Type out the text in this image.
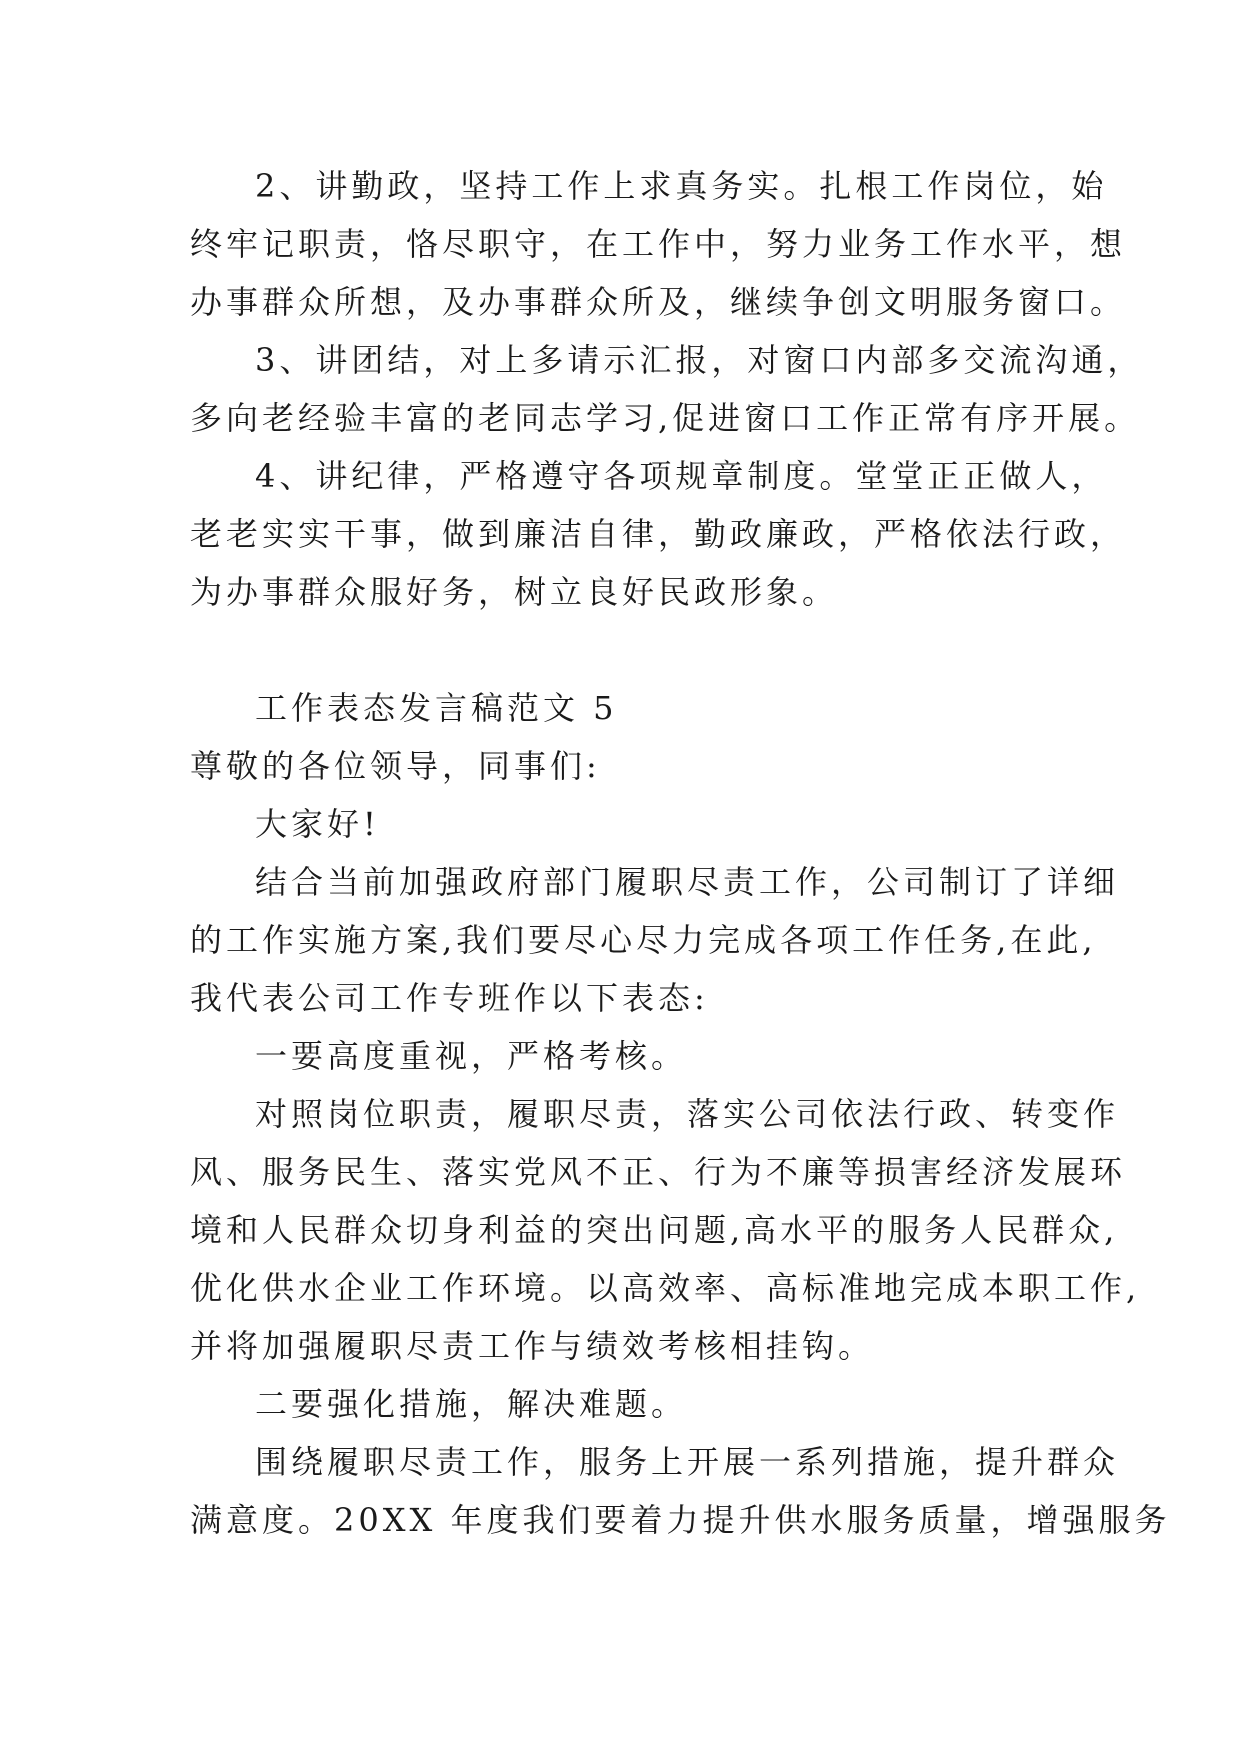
2、讲勤政，坚持工作上求真务实。扎根工作岗位，始
终牢记职责，恪尽职守，在工作中，努力业务工作水平，想
办事群众所想，及办事群众所及，继续争创文明服务窗口。
3、讲团结，对上多请示汇报，对窗口内部多交流沟通，
多向老经验丰富的老同志学习,促进窗口工作正常有序开展。
4、讲纪律，严格遵守各项规章制度。堂堂正正做人，
老老实实干事，做到廉洁自律，勤政廉政，严格依法行政，
为办事群众服好务，树立良好民政形象。
工作表态发言稿范文 5
尊敬的各位领导，同事们:
大家好!
结合当前加强政府部门履职尽责工作，公司制订了详细
的工作实施方案,我们要尽心尽力完成各项工作任务,在此,
我代表公司工作专班作以下表态:
一要高度重视，严格考核。
对照岗位职责，履职尽责，落实公司依法行政、转变作
风、服务民生、落实党风不正、行为不廉等损害经济发展环
境和人民群众切身利益的突出问题,高水平的服务人民群众,
优化供水企业工作环境。以高效率、高标准地完成本职工作,
并将加强履职尽责工作与绩效考核相挂钩。
二要强化措施，解决难题。
围绕履职尽责工作，服务上开展一系列措施，提升群众
满意度。20XX 年度我们要着力提升供水服务质量，增强服务
